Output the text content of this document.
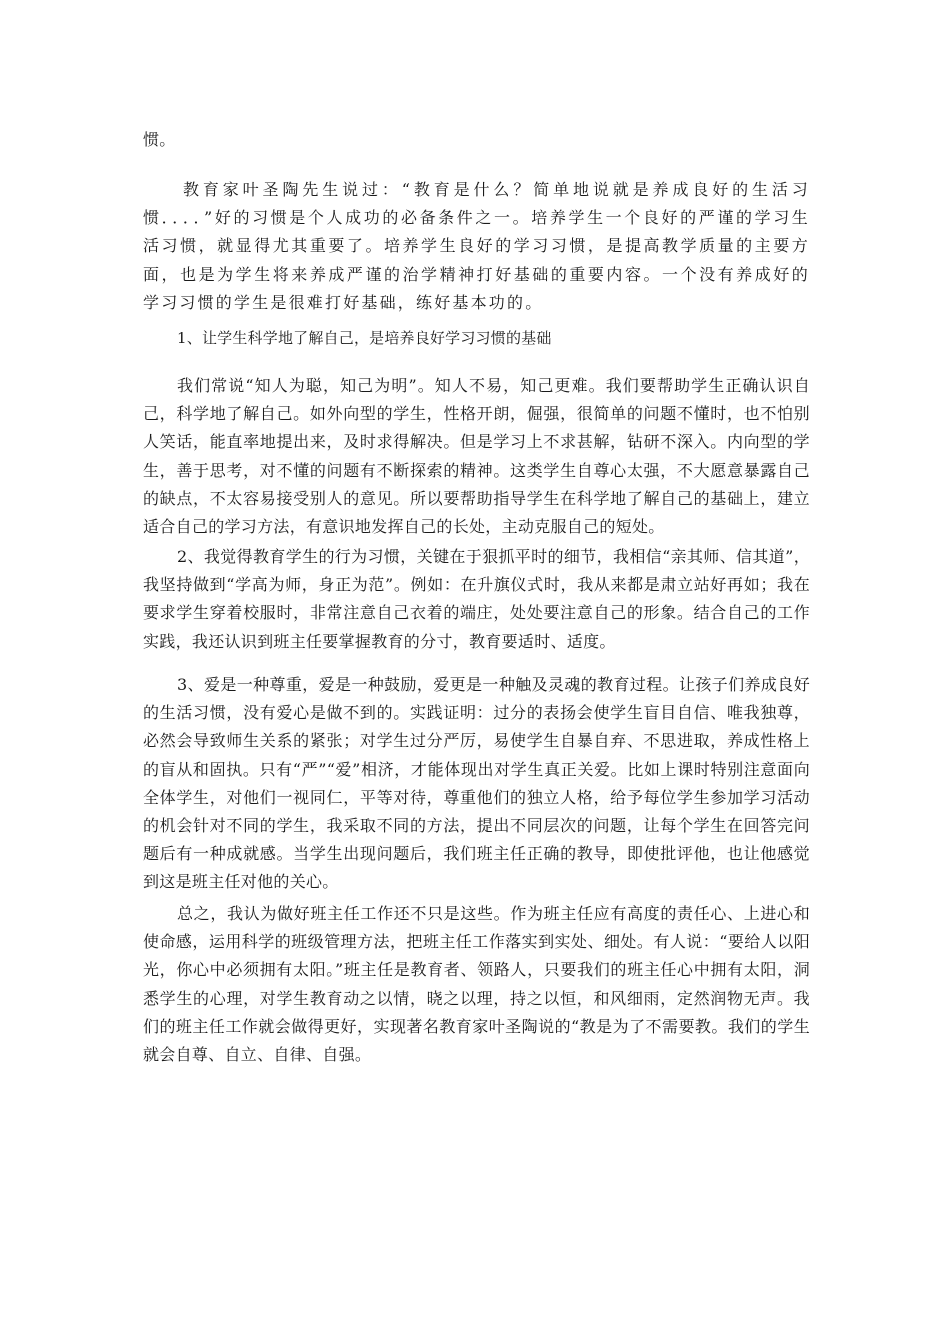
惯。

教育家叶圣陶先生说过：“教育是什么？简单地说就是养成良好的生活习惯．．．．”好的习惯是个人成功的必备条件之一。培养学生一个良好的严谨的学习生活习惯，就显得尤其重要了。培养学生良好的学习习惯，是提高教学质量的主要方面，也是为学生将来养成严谨的治学精神打好基础的重要内容。一个没有养成好的学习习惯的学生是很难打好基础，练好基本功的。

1、让学生科学地了解自己，是培养良好学习习惯的基础

我们常说“知人为聪，知己为明”。知人不易，知己更难。我们要帮助学生正确认识自己，科学地了解自己。如外向型的学生，性格开朗，倔强，很简单的问题不懂时，也不怕别人笑话，能直率地提出来，及时求得解决。但是学习上不求甚解，钻研不深入。内向型的学生，善于思考，对不懂的问题有不断探索的精神。这类学生自尊心太强，不大愿意暴露自己的缺点，不太容易接受别人的意见。所以要帮助指导学生在科学地了解自己的基础上，建立适合自己的学习方法，有意识地发挥自己的长处，主动克服自己的短处。

2、我觉得教育学生的行为习惯，关键在于狠抓平时的细节，我相信“亲其师、信其道”，我坚持做到“学高为师，身正为范”。例如：在升旗仪式时，我从来都是肃立站好再如；我在要求学生穿着校服时，非常注意自己衣着的端庄，处处要注意自己的形象。结合自己的工作实践，我还认识到班主任要掌握教育的分寸，教育要适时、适度。

3、爱是一种尊重，爱是一种鼓励，爱更是一种触及灵魂的教育过程。让孩子们养成良好的生活习惯，没有爱心是做不到的。实践证明：过分的表扬会使学生盲目自信、唯我独尊，必然会导致师生关系的紧张；对学生过分严厉，易使学生自暴自弃、不思进取，养成性格上的盲从和固执。只有“严”“爱”相济，才能体现出对学生真正关爱。比如上课时特别注意面向全体学生，对他们一视同仁，平等对待，尊重他们的独立人格，给予每位学生参加学习活动的机会针对不同的学生，我采取不同的方法，提出不同层次的问题，让每个学生在回答完问题后有一种成就感。当学生出现问题后，我们班主任正确的教导，即使批评他，也让他感觉到这是班主任对他的关心。

总之，我认为做好班主任工作还不只是这些。作为班主任应有高度的责任心、上进心和使命感，运用科学的班级管理方法，把班主任工作落实到实处、细处。有人说：“要给人以阳光，你心中必须拥有太阳。”班主任是教育者、领路人，只要我们的班主任心中拥有太阳，洞悉学生的心理，对学生教育动之以情，晓之以理，持之以恒，和风细雨，定然润物无声。我们的班主任工作就会做得更好，实现著名教育家叶圣陶说的“教是为了不需要教。我们的学生就会自尊、自立、自律、自强。
